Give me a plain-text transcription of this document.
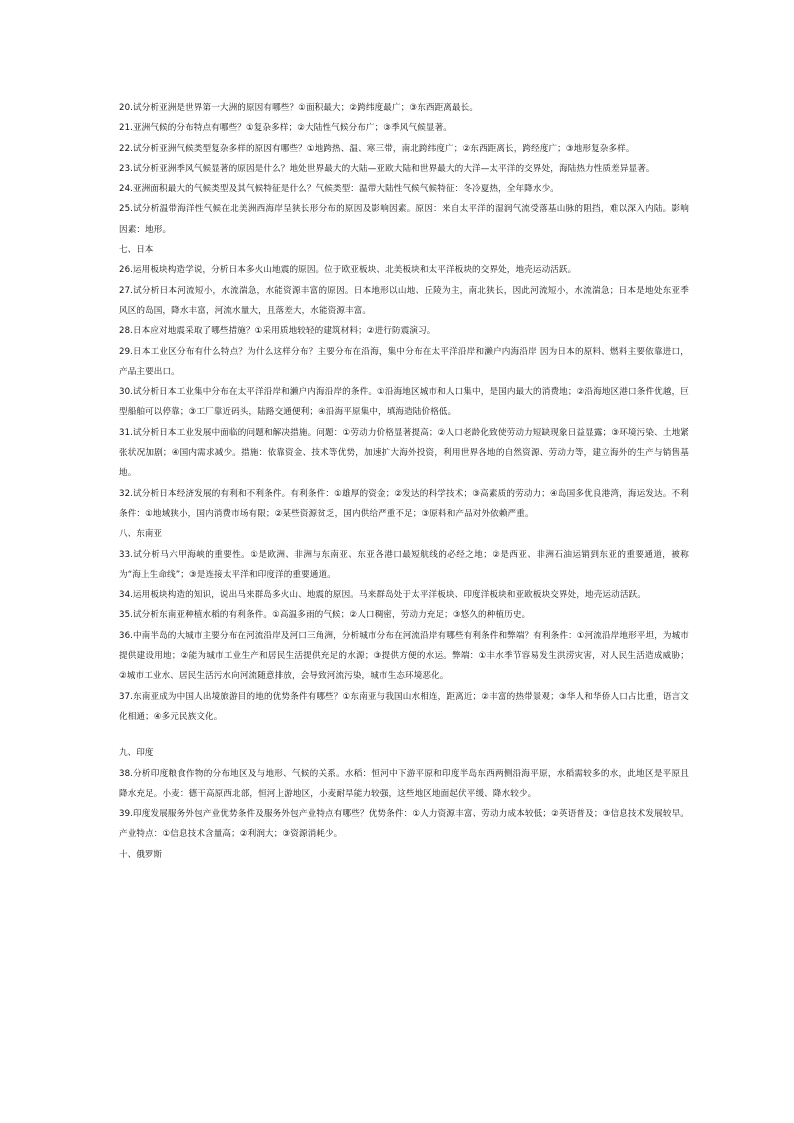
20.试分析亚洲是世界第一大洲的原因有哪些？①面积最大；②跨纬度最广；③东西距离最长。

21.亚洲气候的分布特点有哪些？①复杂多样；②大陆性气候分布广；③季风气候显著。

22.试分析亚洲气候类型复杂多样的原因有哪些？①地跨热、温、寒三带，南北跨纬度广；②东西距离长，跨经度广；③地形复杂多样。

23.试分析亚洲季风气候显著的原因是什么？地处世界最大的大陆—亚欧大陆和世界最大的大洋—太平洋的交界处，海陆热力性质差异显著。

24.亚洲面积最大的气候类型及其气候特征是什么？气候类型：温带大陆性气候气候特征：冬冷夏热，全年降水少。

25.试分析温带海洋性气候在北美洲西海岸呈狭长形分布的原因及影响因素。原因：来自太平洋的湿润气流受落基山脉的阻挡，难以深入内陆。影响因素：地形。

七、日本

26.运用板块构造学说，分析日本多火山地震的原因。位于欧亚板块、北美板块和太平洋板块的交界处，地壳运动活跃。

27.试分析日本河流短小，水流湍急，水能资源丰富的原因。日本地形以山地、丘陵为主，南北狭长，因此河流短小，水流湍急；日本是地处东亚季风区的岛国，降水丰富，河流水量大，且落差大，水能资源丰富。

28.日本应对地震采取了哪些措施？①采用质地较轻的建筑材料；②进行防震演习。

29.日本工业区分布有什么特点？为什么这样分布？主要分布在沿海，集中分布在太平洋沿岸和濑户内海沿岸 因为日本的原料、燃料主要依靠进口，产品主要出口。

30.试分析日本工业集中分布在太平洋沿岸和濑户内海沿岸的条件。①沿海地区城市和人口集中，是国内最大的消费地；②沿海地区港口条件优越，巨型船舶可以停靠；③工厂靠近码头，陆路交通便利；④沿海平原集中，填海造陆价格低。

31.试分析日本工业发展中面临的问题和解决措施。问题：①劳动力价格显著提高；②人口老龄化致使劳动力短缺现象日益显露；③环境污染、土地紧张状况加剧；④国内需求减少。措施：依靠资金、技术等优势，加速扩大海外投资，利用世界各地的自然资源、劳动力等，建立海外的生产与销售基地。

32.试分析日本经济发展的有利和不利条件。有利条件：①雄厚的资金；②发达的科学技术；③高素质的劳动力；④岛国多优良港湾，海运发达。不利条件：①地域狭小，国内消费市场有限；②某些资源贫乏，国内供给严重不足；③原料和产品对外依赖严重。

八、东南亚

33.试分析马六甲海峡的重要性。①是欧洲、非洲与东南亚、东亚各港口最短航线的必经之地；②是西亚、非洲石油运销到东亚的重要通道，被称为“海上生命线”；③是连接太平洋和印度洋的重要通道。

34.运用板块构造的知识，说出马来群岛多火山、地震的原因。马来群岛处于太平洋板块、印度洋板块和亚欧板块交界处，地壳运动活跃。

35.试分析东南亚种植水稻的有利条件。①高温多雨的气候；②人口稠密，劳动力充足；③悠久的种植历史。

36.中南半岛的大城市主要分布在河流沿岸及河口三角洲，分析城市分布在河流沿岸有哪些有利条件和弊端？有利条件：①河流沿岸地形平坦，为城市提供建设用地；②能为城市工业生产和居民生活提供充足的水源；③提供方便的水运。弊端：①丰水季节容易发生洪涝灾害，对人民生活造成威胁；②城市工业水、居民生活污水向河流随意排放，会导致河流污染，城市生态环境恶化。

37.东南亚成为中国人出境旅游目的地的优势条件有哪些？①东南亚与我国山水相连，距离近；②丰富的热带景观；③华人和华侨人口占比重，语言文化相通；④多元民族文化。

九、印度

38.分析印度粮食作物的分布地区及与地形、气候的关系。水稻：恒河中下游平原和印度半岛东西两侧沿海平原，水稻需较多的水，此地区是平原且降水充足。小麦：德干高原西北部，恒河上游地区，小麦耐旱能力较强，这些地区地面起伏平缓、降水较少。

39.印度发展服务外包产业优势条件及服务外包产业特点有哪些？优势条件：①人力资源丰富、劳动力成本较低；②英语普及；③信息技术发展较早。产业特点：①信息技术含量高；②利润大；③资源消耗少。

十、俄罗斯
